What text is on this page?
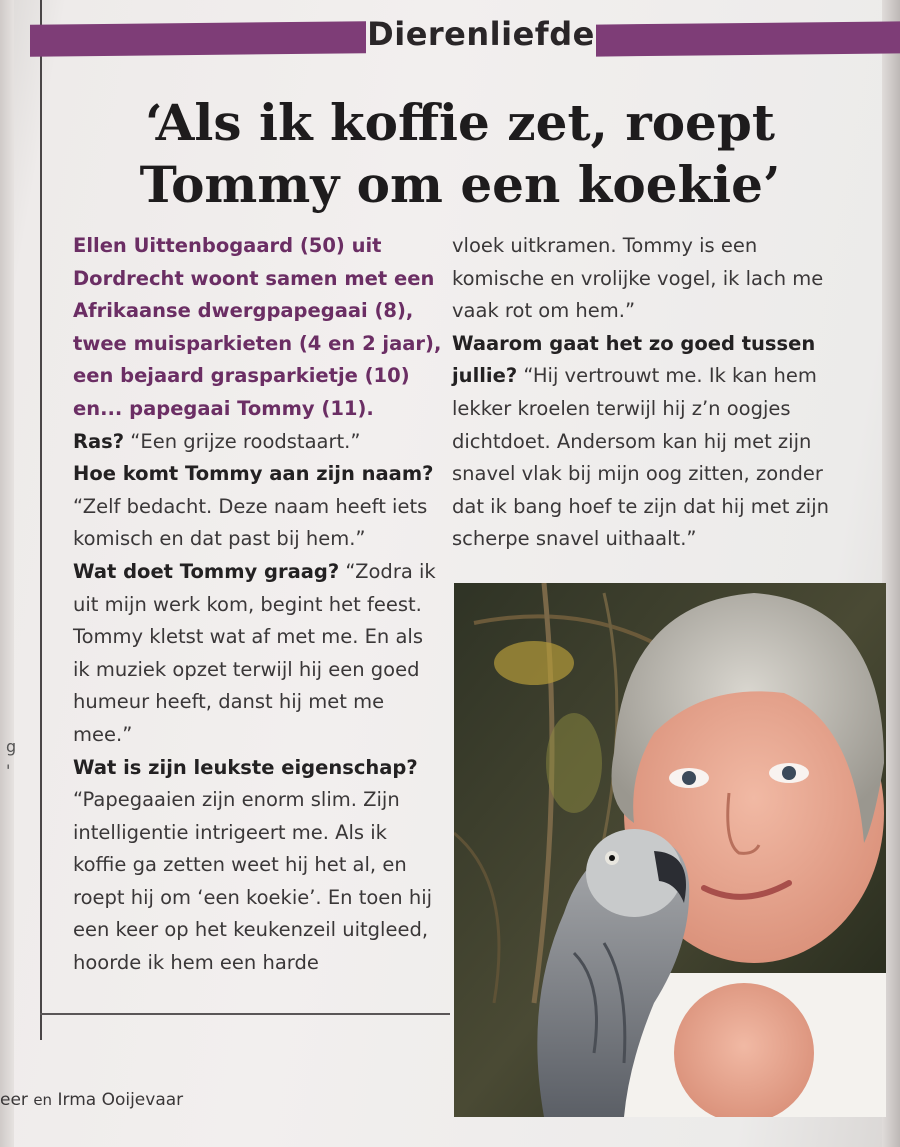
Dierenliefde
‘Als ik koffie zet, roept
Tommy om een koekie’
g
'

Ellen Uittenbogaard (50) uit Dordrecht woont samen met een Afrikaanse dwergpapegaai (8), twee muisparkieten (4 en 2 jaar), een bejaard grasparkietje (10) en... papegaai Tommy (11).

Ras? “Een grijze roodstaart.”

Hoe komt Tommy aan zijn naam? “Zelf bedacht. Deze naam heeft iets komisch en dat past bij hem.”

Wat doet Tommy graag? “Zodra ik uit mijn werk kom, begint het feest. Tommy kletst wat af met me. En als ik muziek opzet terwijl hij een goed humeur heeft, danst hij met me mee.”

Wat is zijn leukste eigenschap? “Papegaaien zijn enorm slim. Zijn intelligentie intrigeert me. Als ik koffie ga zetten weet hij het al, en roept hij om ‘een koekie’. En toen hij een keer op het keukenzeil uitgleed, hoorde ik hem een harde

vloek uitkramen. Tommy is een komische en vrolijke vogel, ik lach me vaak rot om hem.”

Waarom gaat het zo goed tussen jullie? “Hij vertrouwt me. Ik kan hem lekker kroelen terwijl hij z’n oogjes dichtdoet. Andersom kan hij met zijn snavel vlak bij mijn oog zitten, zonder dat ik bang hoef te zijn dat hij met zijn scherpe snavel uithaalt.”

eer en Irma Ooijevaar
